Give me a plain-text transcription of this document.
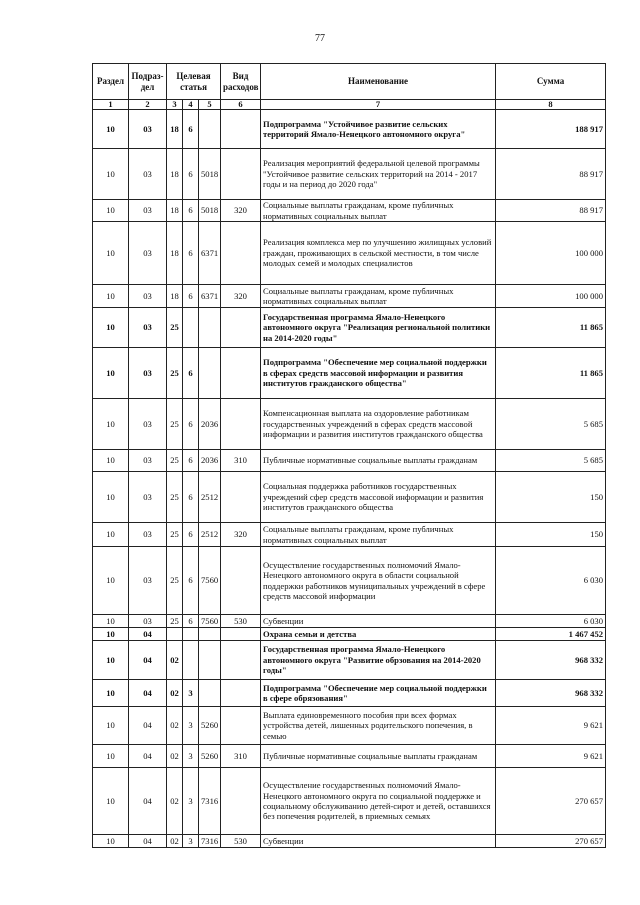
77
Раздел	Подраз-дел	Целевая статья			Вид расходов	Наименование	Сумма
1	2	3	4	5	6	7	8
10	03	18	6			Подпрограмма "Устойчивое развитие сельских территорий Ямало-Ненецкого автономного округа"	188 917
10	03	18	6	5018		Реализация мероприятий федеральной целевой программы "Устойчивое развитие сельских территорий на 2014 - 2017 годы и на период до 2020 года"	88 917
10	03	18	6	5018	320	Социальные выплаты гражданам, кроме публичных нормативных социальных выплат	88 917
10	03	18	6	6371		Реализация комплекса мер по улучшению жилищных условий граждан, проживающих в сельской местности, в том числе молодых семей и молодых специалистов	100 000
10	03	18	6	6371	320	Социальные выплаты гражданам, кроме публичных нормативных социальных выплат	100 000
10	03	25				Государственная программа Ямало-Ненецкого автономного округа "Реализация региональной политики на 2014-2020 годы"	11 865
10	03	25	6			Подпрограмма "Обеспечение мер социальной поддержки в сферах средств массовой информации и развития институтов гражданского общества"	11 865
10	03	25	6	2036		Компенсационная выплата на оздоровление работникам государственных учреждений в сферах средств массовой информации и развития институтов гражданского общества	5 685
10	03	25	6	2036	310	Публичные нормативные социальные выплаты гражданам	5 685
10	03	25	6	2512		Социальная поддержка работников государственных учреждений сфер средств массовой информации и развития институтов гражданского общества	150
10	03	25	6	2512	320	Социальные выплаты гражданам, кроме публичных нормативных социальных выплат	150
10	03	25	6	7560		Осуществление государственных полномочий Ямало-Ненецкого автономного округа в области социальной поддержки работников муниципальных учреждений в сфере средств массовой информации	6 030
10	03	25	6	7560	530	Субвенции	6 030
10	04					Охрана семьи и детства	1 467 452
10	04	02				Государственная программа Ямало-Ненецкого автономного округа "Развитие обрзования на 2014-2020 годы"	968 332
10	04	02	3			Подпрограмма "Обеспечение мер социальной поддержки в сфере обрязования"	968 332
10	04	02	3	5260		Выплата единовременного пособия при всех формах устройства детей, лишенных родительского попечения, в семью	9 621
10	04	02	3	5260	310	Публичные нормативные социальные выплаты гражданам	9 621
10	04	02	3	7316		Осуществление государственных полномочий Ямало-Ненецкого автономного округа по социальной поддержке и социальному обслуживанию детей-сирот и детей, оставшихся без попечения родителей, в приемных семьях	270 657
10	04	02	3	7316	530	Субвенции	270 657
